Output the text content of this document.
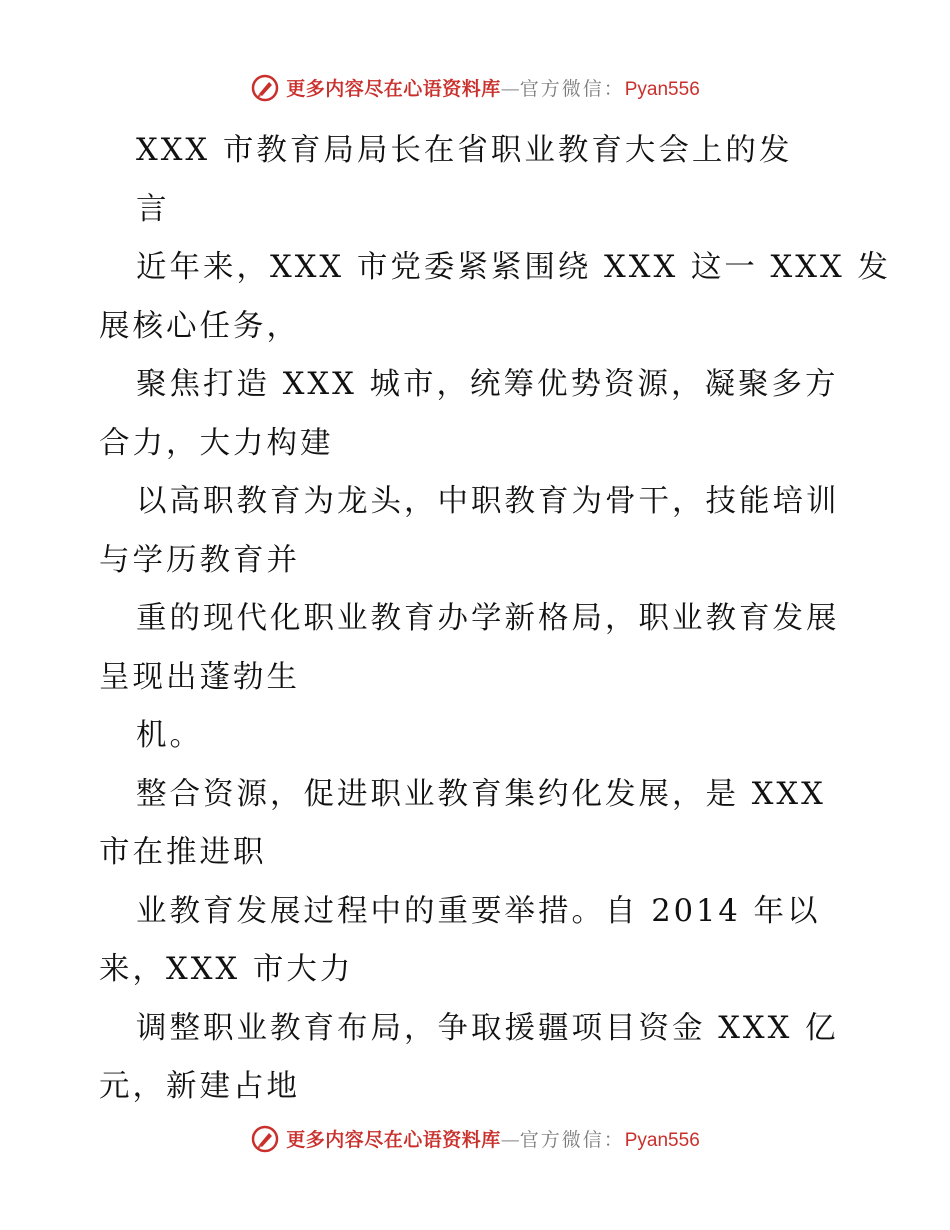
更多内容尽在心语资料库—官方微信：Pyan556
XXX 市教育局局长在省职业教育大会上的发
言
近年来，XXX 市党委紧紧围绕 XXX 这一 XXX 发
展核心任务，
聚焦打造 XXX 城市，统筹优势资源，凝聚多方
合力，大力构建
以高职教育为龙头，中职教育为骨干，技能培训
与学历教育并
重的现代化职业教育办学新格局，职业教育发展
呈现出蓬勃生
机。
整合资源，促进职业教育集约化发展，是 XXX
市在推进职
业教育发展过程中的重要举措。自 2014 年以
来，XXX 市大力
调整职业教育布局，争取援疆项目资金 XXX 亿
元，新建占地
更多内容尽在心语资料库—官方微信：Pyan556
